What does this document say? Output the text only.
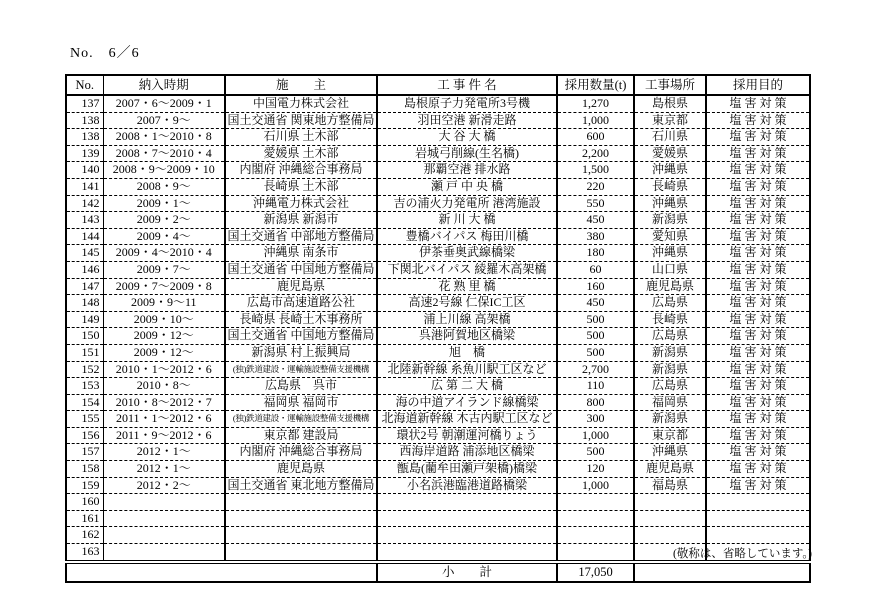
No.　6／6
No.	納入時期	施　　主	工 事 件 名	採用数量(t)	工事場所	採用目的
137	2007・6～2009・1	中国電力株式会社	島根原子力発電所3号機	1,270	島根県	塩 害 対 策
138	2007・9～	国土交通省 関東地方整備局	羽田空港 新滑走路	1,000	東京都	塩 害 対 策
138	2008・1～2010・8	石川県 土木部	大 谷 大 橋	600	石川県	塩 害 対 策
139	2008・7～2010・4	愛媛県 土木部	岩城弓削線(生名橋)	2,200	愛媛県	塩 害 対 策
140	2008・9～2009・10	内閣府 沖縄総合事務局	那覇空港 排水路	1,500	沖縄県	塩 害 対 策
141	2008・9～	長崎県 土木部	瀬 戸 中 央 橋	220	長崎県	塩 害 対 策
142	2009・1～	沖縄電力株式会社	吉の浦火力発電所 港湾施設	550	沖縄県	塩 害 対 策
143	2009・2～	新潟県 新潟市	新 川 大 橋	450	新潟県	塩 害 対 策
144	2009・4～	国土交通省 中部地方整備局	豊橋バイパス 梅田川橋	380	愛知県	塩 害 対 策
145	2009・4～2010・4	沖縄県 南条市	伊茶垂奥武線橋梁	180	沖縄県	塩 害 対 策
146	2009・7～	国土交通省 中国地方整備局	下関北バイパス 綾羅木高架橋	60	山口県	塩 害 対 策
147	2009・7～2009・8	鹿児島県	花 熟 里 橋	160	鹿児島県	塩 害 対 策
148	2009・9～11	広島市高速道路公社	高速2号線 仁保IC工区	450	広島県	塩 害 対 策
149	2009・10～	長崎県 長崎土木事務所	浦上川線 高架橋	500	長崎県	塩 害 対 策
150	2009・12～	国土交通省 中国地方整備局	呉港阿賀地区橋梁	500	広島県	塩 害 対 策
151	2009・12～	新潟県 村上振興局	旭　橋	500	新潟県	塩 害 対 策
152	2010・1～2012・6	(独)鉄道建設・運輸施設整備支援機構	北陸新幹線 糸魚川駅工区など	2,700	新潟県	塩 害 対 策
153	2010・8～	広島県　呉市	広 第 二 大 橋	110	広島県	塩 害 対 策
154	2010・8～2012・7	福岡県 福岡市	海の中道アイランド線橋梁	800	福岡県	塩 害 対 策
155	2011・1～2012・6	(独)鉄道建設・運輸施設整備支援機構	北海道新幹線 木古内駅工区など	300	新潟県	塩 害 対 策
156	2011・9～2012・6	東京都 建設局	環状2号 朝潮運河橋りょう	1,000	東京都	塩 害 対 策
157	2012・1～	内閣府 沖縄総合事務局	西海岸道路 浦添地区橋梁	500	沖縄県	塩 害 対 策
158	2012・1～	鹿児島県	甑島(藺牟田瀬戸架橋)橋梁	120	鹿児島県	塩 害 対 策
159	2012・2～	国土交通省 東北地方整備局	小名浜港臨港道路橋梁	1,000	福島県	塩 害 対 策
160						
161						
162						
163						
			小　　計	17,050		
(敬称は、省略しています。)
